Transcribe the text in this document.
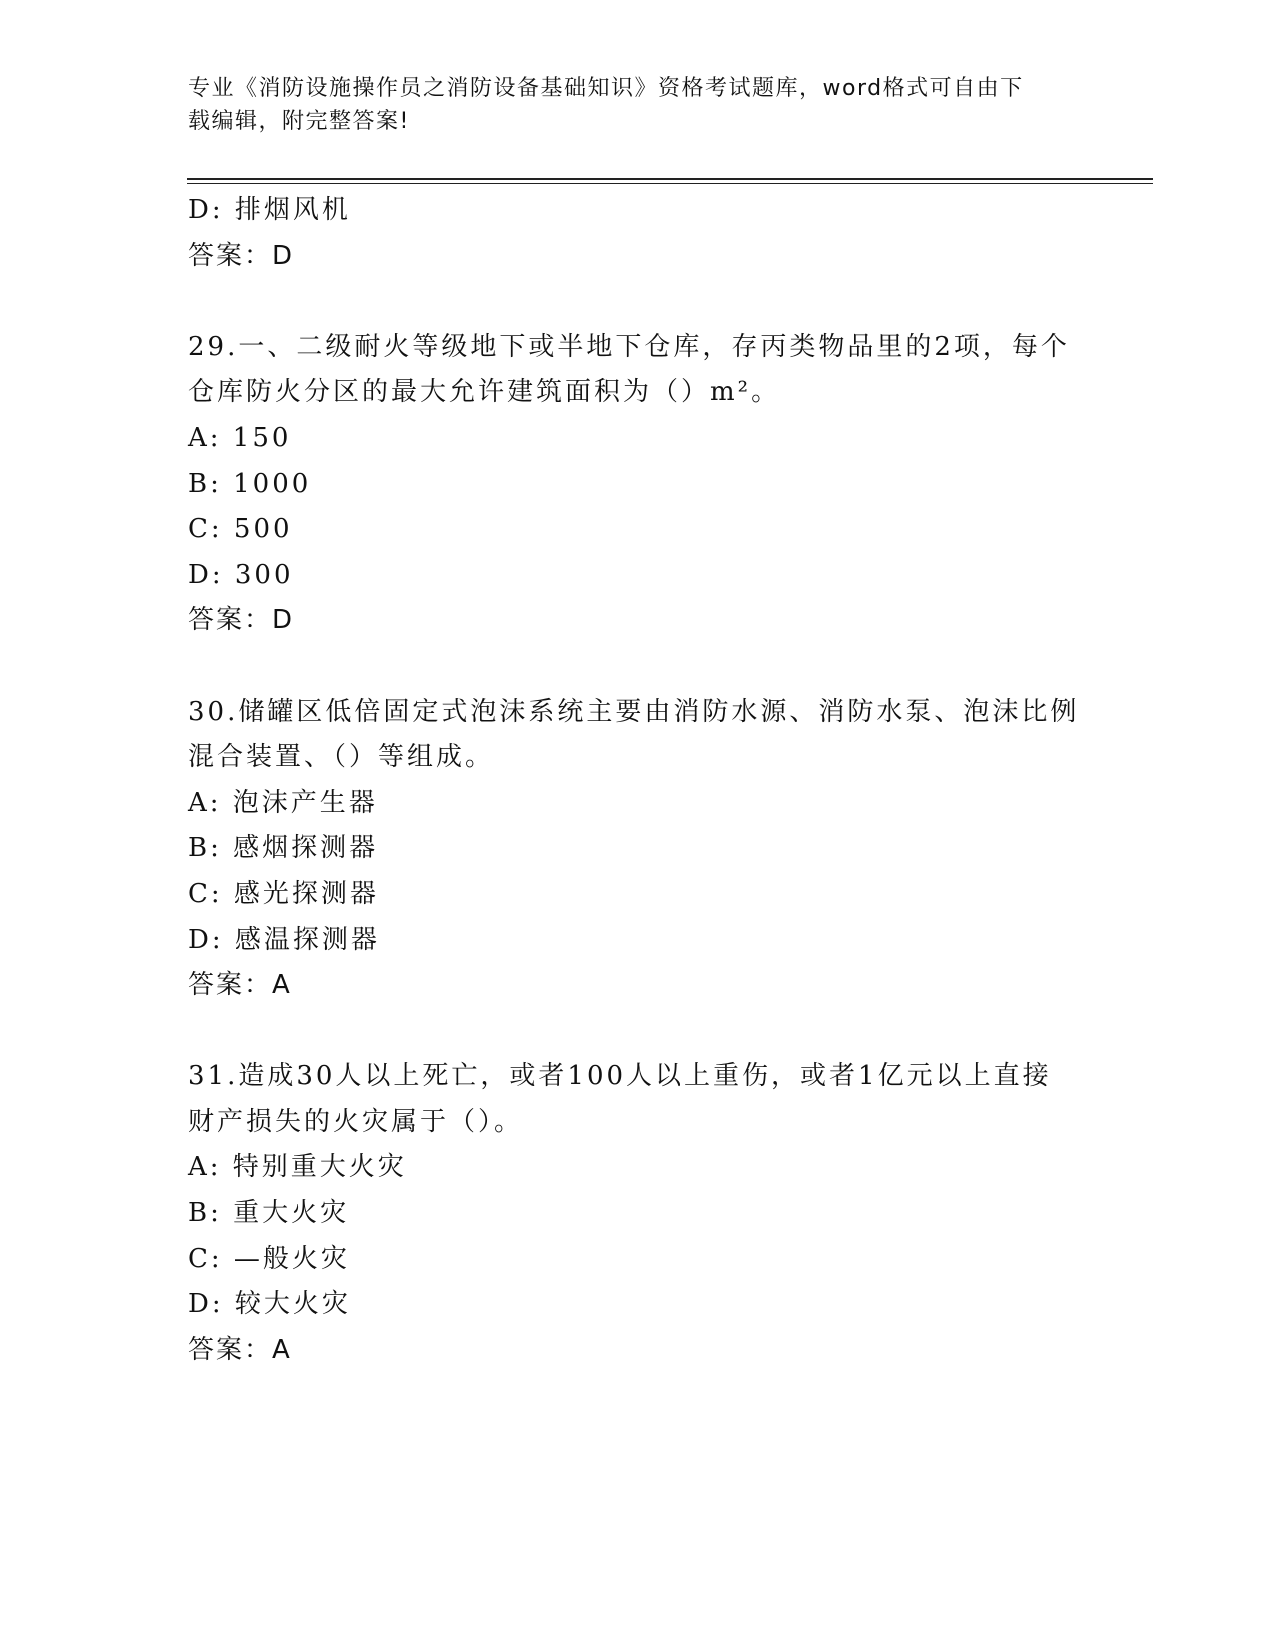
专业《消防设施操作员之消防设备基础知识》资格考试题库，word格式可自由下
载编辑，附完整答案!
D: 排烟风机
答案：D
29.一、二级耐火等级地下或半地下仓库，存丙类物品里的2项，每个
仓库防火分区的最大允许建筑面积为（）m²。
A: 150
B: 1000
C: 500
D: 300
答案：D
30.储罐区低倍固定式泡沫系统主要由消防水源、消防水泵、泡沫比例
混合装置、（）等组成。
A: 泡沫产生器
B: 感烟探测器
C: 感光探测器
D: 感温探测器
答案：A
31.造成30人以上死亡，或者100人以上重伤，或者1亿元以上直接
财产损失的火灾属于（）。
A: 特别重大火灾
B: 重大火灾
C: —般火灾
D: 较大火灾
答案：A
